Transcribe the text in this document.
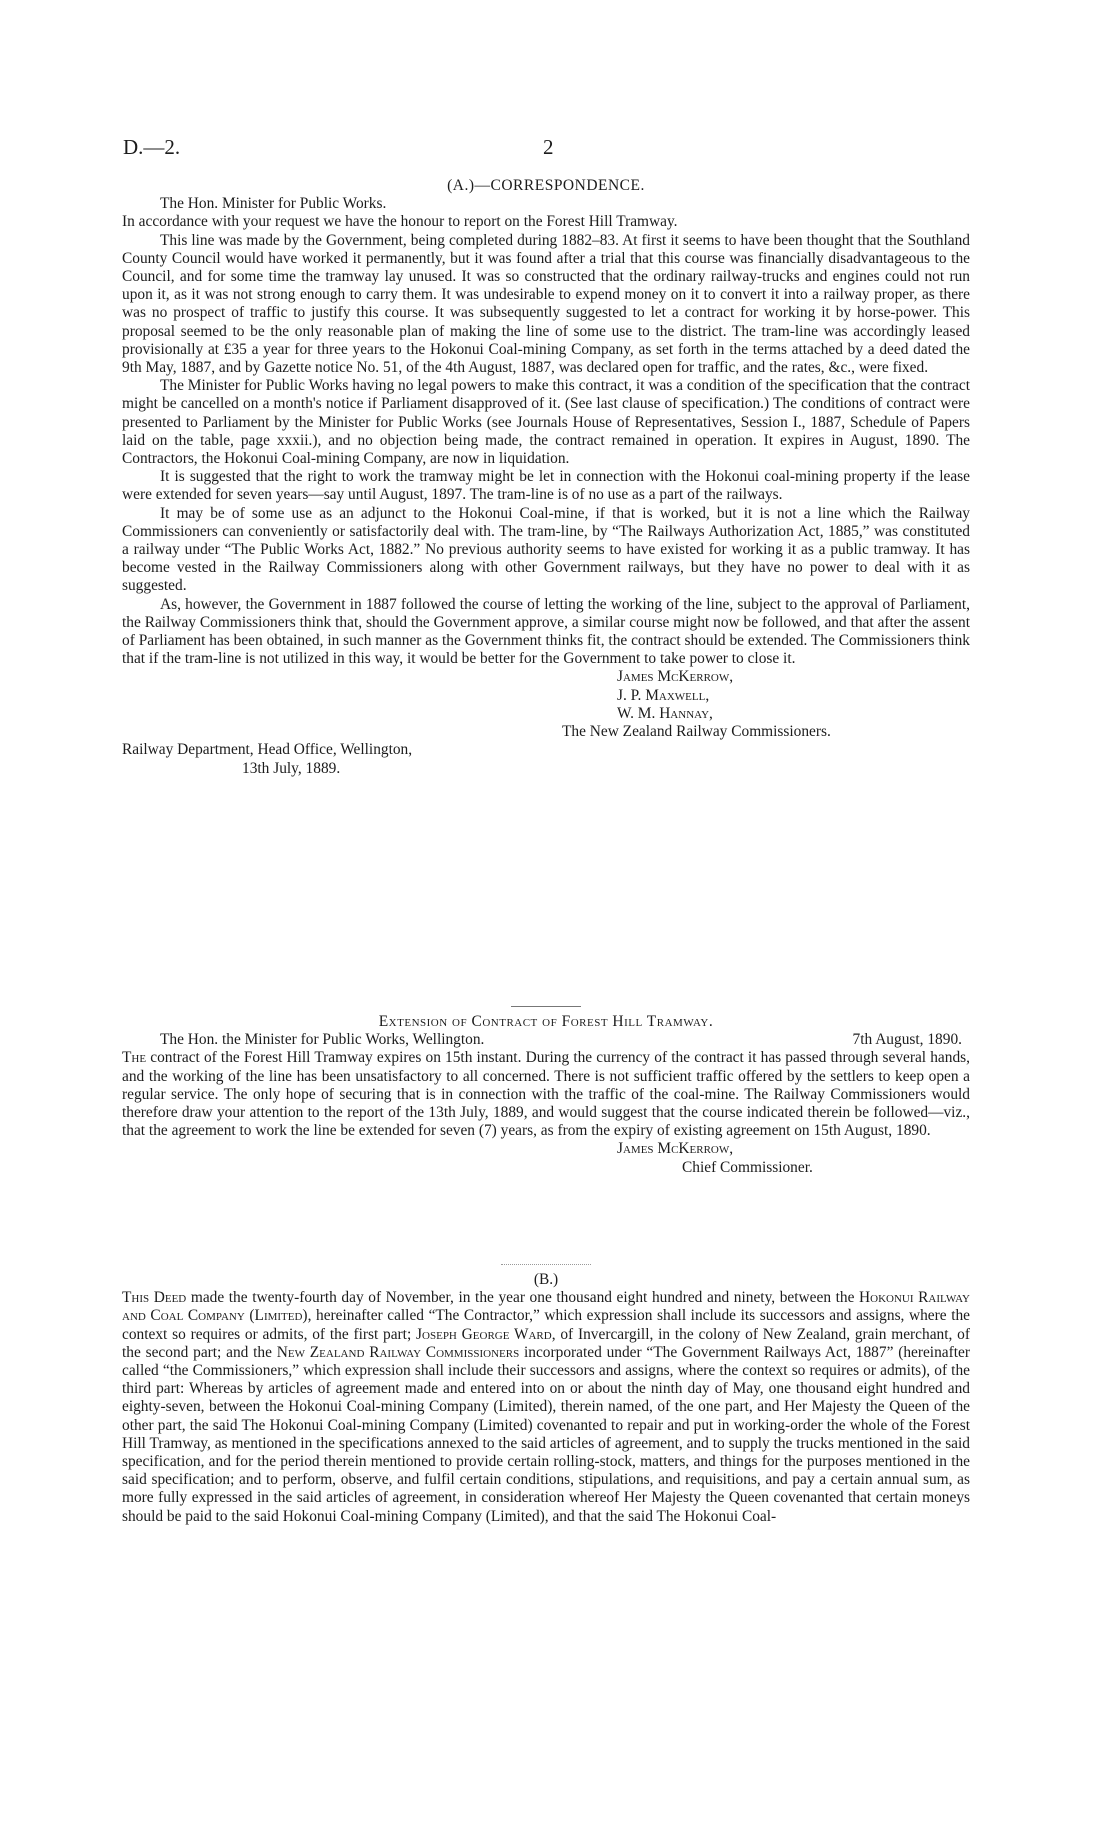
D.—2.	2

(A.)—CORRESPONDENCE.

The Hon. Minister for Public Works.

In accordance with your request we have the honour to report on the Forest Hill Tramway.

This line was made by the Government, being completed during 1882–83. At first it seems to have been thought that the Southland County Council would have worked it permanently, but it was found after a trial that this course was financially disadvantageous to the Council, and for some time the tramway lay unused. It was so constructed that the ordinary railway-trucks and engines could not run upon it, as it was not strong enough to carry them. It was undesirable to expend money on it to convert it into a railway proper, as there was no prospect of traffic to justify this course. It was subsequently suggested to let a contract for working it by horse-power. This proposal seemed to be the only reasonable plan of making the line of some use to the district. The tram-line was accordingly leased provisionally at £35 a year for three years to the Hokonui Coal-mining Company, as set forth in the terms attached by a deed dated the 9th May, 1887, and by Gazette notice No. 51, of the 4th August, 1887, was declared open for traffic, and the rates, &c., were fixed.

The Minister for Public Works having no legal powers to make this contract, it was a condition of the specification that the contract might be cancelled on a month's notice if Parliament disapproved of it. (See last clause of specification.) The conditions of contract were presented to Parliament by the Minister for Public Works (see Journals House of Representatives, Session I., 1887, Schedule of Papers laid on the table, page xxxii.), and no objection being made, the contract remained in operation. It expires in August, 1890. The Contractors, the Hokonui Coal-mining Company, are now in liquidation.

It is suggested that the right to work the tramway might be let in connection with the Hokonui coal-mining property if the lease were extended for seven years—say until August, 1897. The tram-line is of no use as a part of the railways.

It may be of some use as an adjunct to the Hokonui Coal-mine, if that is worked, but it is not a line which the Railway Commissioners can conveniently or satisfactorily deal with. The tram-line, by “The Railways Authorization Act, 1885,” was constituted a railway under “The Public Works Act, 1882.” No previous authority seems to have existed for working it as a public tramway. It has become vested in the Railway Commissioners along with other Government railways, but they have no power to deal with it as suggested.

As, however, the Government in 1887 followed the course of letting the working of the line, subject to the approval of Parliament, the Railway Commissioners think that, should the Government approve, a similar course might now be followed, and that after the assent of Parliament has been obtained, in such manner as the Government thinks fit, the contract should be extended. The Commissioners think that if the tram-line is not utilized in this way, it would be better for the Government to take power to close it.

James McKerrow,

J. P. Maxwell,

W. M. Hannay,

The New Zealand Railway Commissioners.

Railway Department, Head Office, Wellington,

13th July, 1889.

Extension of Contract of Forest Hill Tramway.

The Hon. the Minister for Public Works, Wellington.	7th August, 1890.

The contract of the Forest Hill Tramway expires on 15th instant. During the currency of the contract it has passed through several hands, and the working of the line has been unsatisfactory to all concerned. There is not sufficient traffic offered by the settlers to keep open a regular service. The only hope of securing that is in connection with the traffic of the coal-mine. The Railway Commissioners would therefore draw your attention to the report of the 13th July, 1889, and would suggest that the course indicated therein be followed—viz., that the agreement to work the line be extended for seven (7) years, as from the expiry of existing agreement on 15th August, 1890.

James McKerrow,

Chief Commissioner.

(B.)

This Deed made the twenty-fourth day of November, in the year one thousand eight hundred and ninety, between the Hokonui Railway and Coal Company (Limited), hereinafter called “The Contractor,” which expression shall include its successors and assigns, where the context so requires or admits, of the first part; Joseph George Ward, of Invercargill, in the colony of New Zealand, grain merchant, of the second part; and the New Zealand Railway Commissioners incorporated under “The Government Railways Act, 1887” (hereinafter called “the Commissioners,” which expression shall include their successors and assigns, where the context so requires or admits), of the third part: Whereas by articles of agreement made and entered into on or about the ninth day of May, one thousand eight hundred and eighty-seven, between the Hokonui Coal-mining Company (Limited), therein named, of the one part, and Her Majesty the Queen of the other part, the said The Hokonui Coal-mining Company (Limited) covenanted to repair and put in working-order the whole of the Forest Hill Tramway, as mentioned in the specifications annexed to the said articles of agreement, and to supply the trucks mentioned in the said specification, and for the period therein mentioned to provide certain rolling-stock, matters, and things for the purposes mentioned in the said specification; and to perform, observe, and fulfil certain conditions, stipulations, and requisitions, and pay a certain annual sum, as more fully expressed in the said articles of agreement, in consideration whereof Her Majesty the Queen covenanted that certain moneys should be paid to the said Hokonui Coal-mining Company (Limited), and that the said The Hokonui Coal-
